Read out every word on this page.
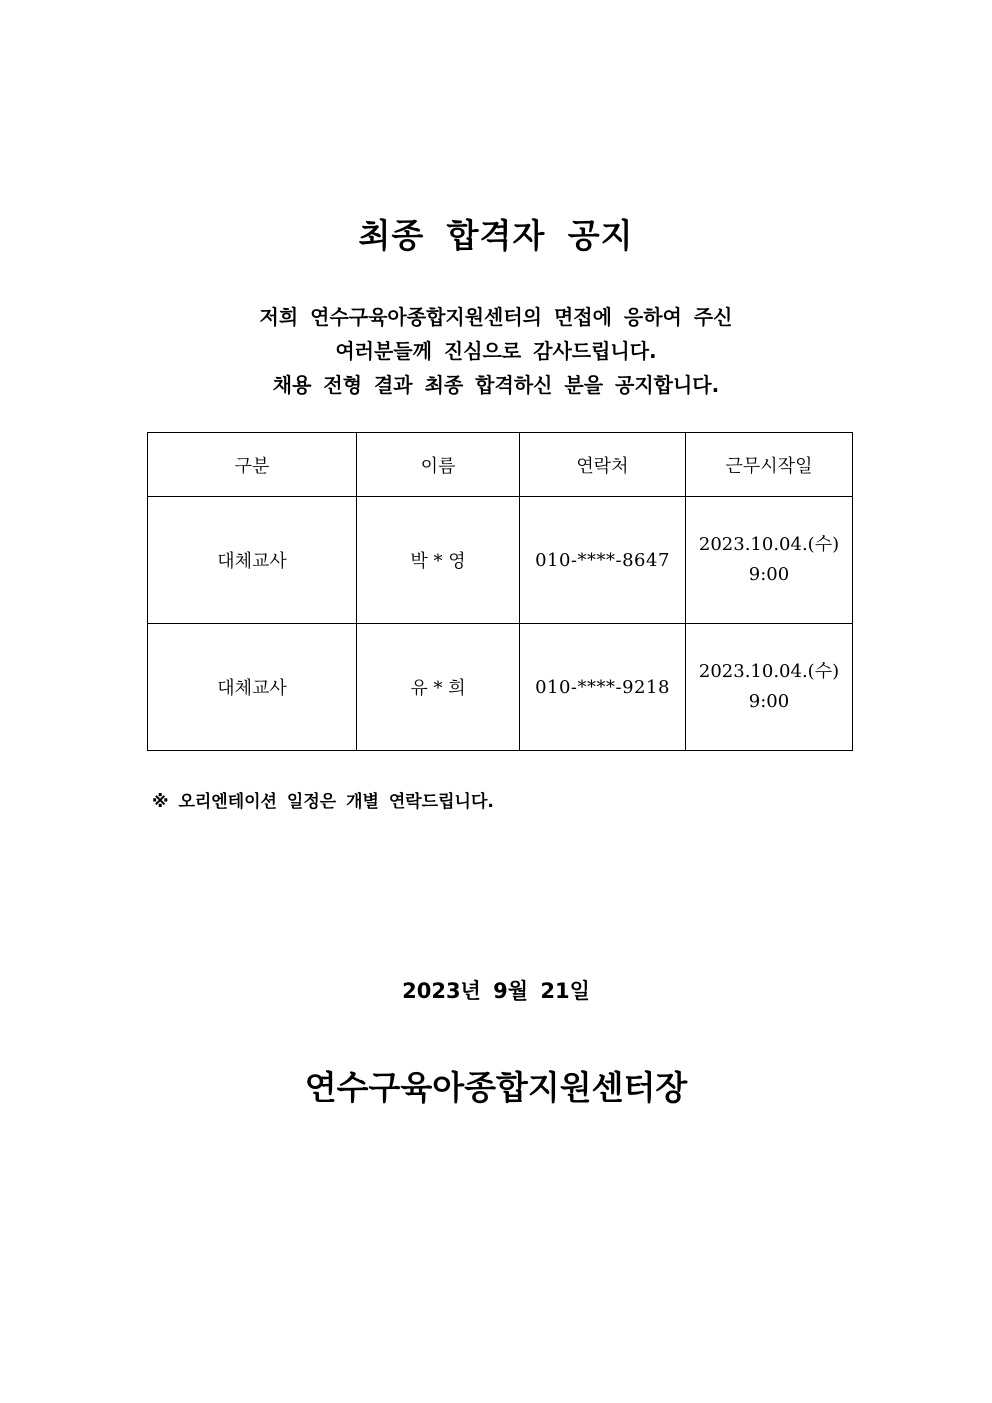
최종 합격자 공지
저희 연수구육아종합지원센터의 면접에 응하여 주신
여러분들께 진심으로 감사드립니다.
채용 전형 결과 최종 합격하신 분을 공지합니다.
구분	이름	연락처	근무시작일
대체교사	박 * 영	010-****-8647	2023.10.04.(수)
9:00

대체교사	유 * 희	010-****-9218	2023.10.04.(수)
9:00
※ 오리엔테이션 일정은 개별 연락드립니다.
2023년 9월 21일
연수구육아종합지원센터장
